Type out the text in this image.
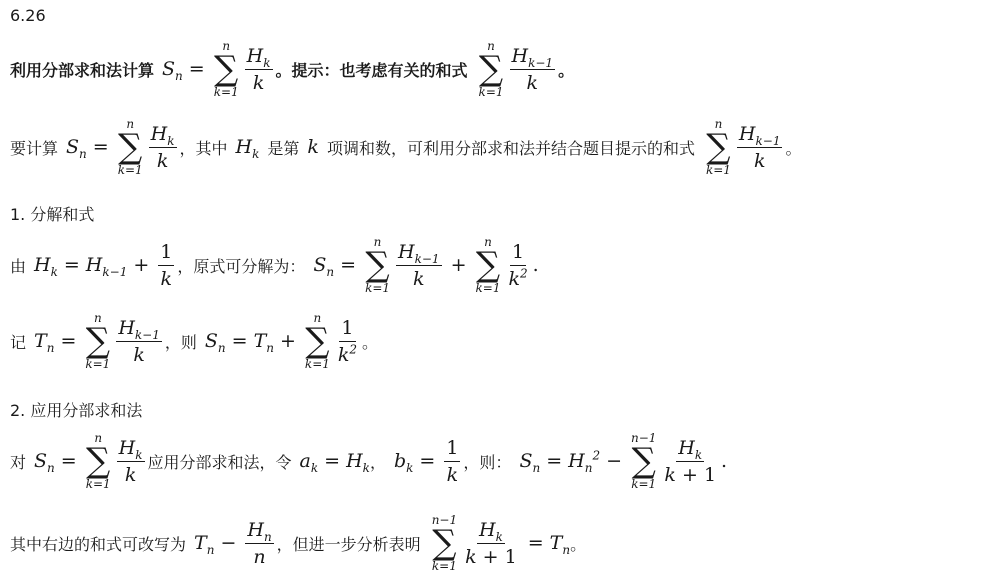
6.26
利用分部求和法计算 $S_n$ =
n
∑
$k=1 \frac{H_k}{k}$ 。提示：也考虑有关的和式
n
∑
$k=1 \frac{H_{k-1}}{k}$ 。
要计算 $S_n$ =
n
∑
$k=1 \frac{H_k}{k}$ ，其中 $H_k$ 是第 k 项调和数，可利用分部求和法并结合题目提示的和式
n
∑
$k=1 \frac{H_{k-1}}{k}$ 。
1. 分解和式
由 $H_k = H_{k-1} + \frac{1}{k}$ ，原式可分解为： $S_n$ =
n
∑
$k=1 \frac{H_{k-1}}{k}$ +
n
∑
$k=1 \frac{1}{k^2}$ .
记 $T_n$ =
n
∑
$k=1 \frac{H_{k-1}}{k}$ ，则 $S_n = T_n$ +
n
∑
$k=1 \frac{1}{k^2}$ 。
2. 应用分部求和法
对 $S_n$ =
n
∑
$k=1 \frac{H_k}{k}$ 应用分部求和法，令 $a_k = H_k$ ， $b_k = \frac{1}{k}$ ，则： $S_n = H_n^2$ −
n−1
∑
$k=1 \frac{H_k}{k + 1}$ .
其中右边的和式可改写为 $T_n - \frac{H_n}{n}$ ，但进一步分析表明
n−1
∑
$k=1 \frac{H_k}{k + 1} = T_n$ 。
